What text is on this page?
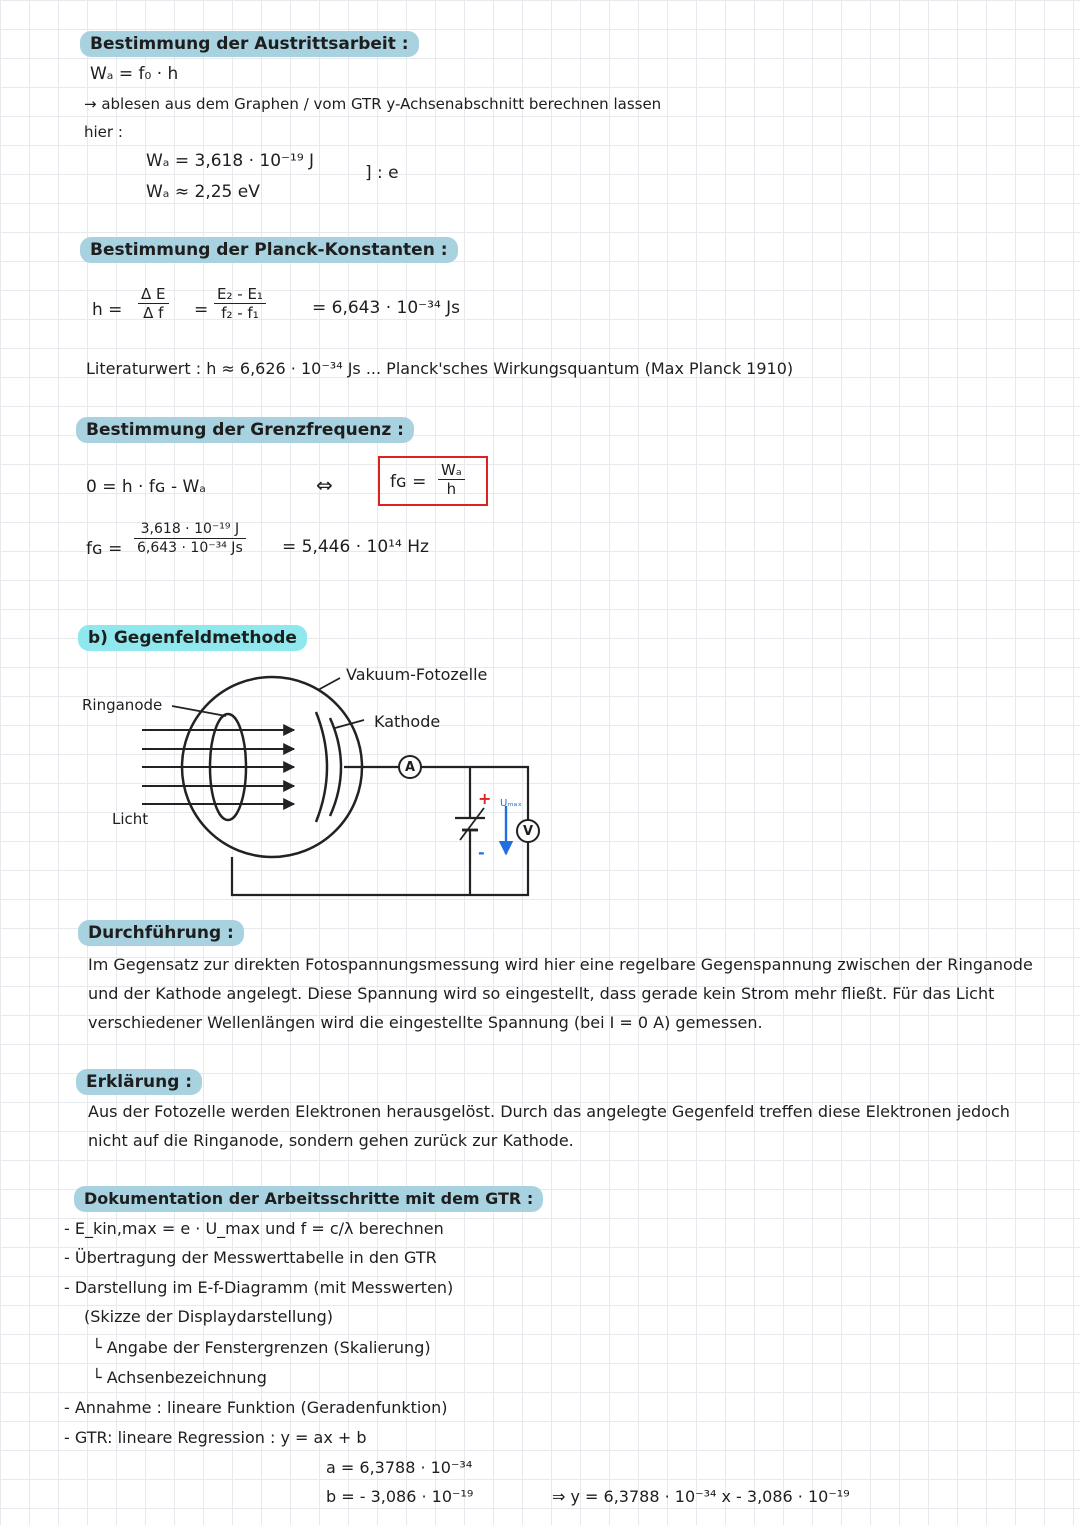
Bestimmung der Austrittsarbeit :
Wₐ = f₀ · h
→ ablesen aus dem Graphen / vom GTR y-Achsenabschnitt berechnen lassen
hier :
Wₐ = 3,618 · 10⁻¹⁹ J
] : e
Wₐ ≈ 2,25 eV
Bestimmung der Planck-Konstanten :
$h = \frac{\text{Δ E}}{\text{Δ f}} = \frac{\text{E₂ - E₁}}{\text{f₂ - f₁}}$	= 6,643 · 10⁻³⁴ Js
Literaturwert : h ≈ 6,626 · 10⁻³⁴ Js ... Planck'sches Wirkungsquantum (Max Planck 1910)
Bestimmung der Grenzfrequenz :
0 = h · fɢ - Wₐ	⇔	fɢ = $\frac{\text{Wₐ}}{h}$
fɢ = $\frac{\text{3,618 · 10⁻¹⁹ J}}{\text{6,643 · 10⁻³⁴ Js}} = 5,446 \cdot 10^{14}$ Hz
b) Gegenfeldmethode
Vakuum-Fotozelle
Ringanode
Kathode
Licht
A
V
+
-
Uₘₐₓ
Durchführung :
Im Gegensatz zur direkten Fotospannungsmessung wird hier eine regelbare Gegenspannung zwischen der Ringanode und der Kathode angelegt. Diese Spannung wird so eingestellt, dass gerade kein Strom mehr fließt. Für das Licht verschiedener Wellenlängen wird die eingestellte Spannung (bei I = 0 A) gemessen.
Erklärung :
Aus der Fotozelle werden Elektronen herausgelöst. Durch das angelegte Gegenfeld treffen diese Elektronen jedoch nicht auf die Ringanode, sondern gehen zurück zur Kathode.
Dokumentation der Arbeitsschritte mit dem GTR :
- E_kin,max = e · U_max und f = c/λ berechnen
- Übertragung der Messwerttabelle in den GTR
- Darstellung im E-f-Diagramm (mit Messwerten)
(Skizze der Displaydarstellung)
└ Angabe der Fenstergrenzen (Skalierung)
└ Achsenbezeichnung
- Annahme : lineare Funktion (Geradenfunktion)
- GTR: lineare Regression : y = ax + b
a = 6,3788 · 10⁻³⁴
b = - 3,086 · 10⁻¹⁹	⇒ y = 6,3788 · 10⁻³⁴ x - 3,086 · 10⁻¹⁹
